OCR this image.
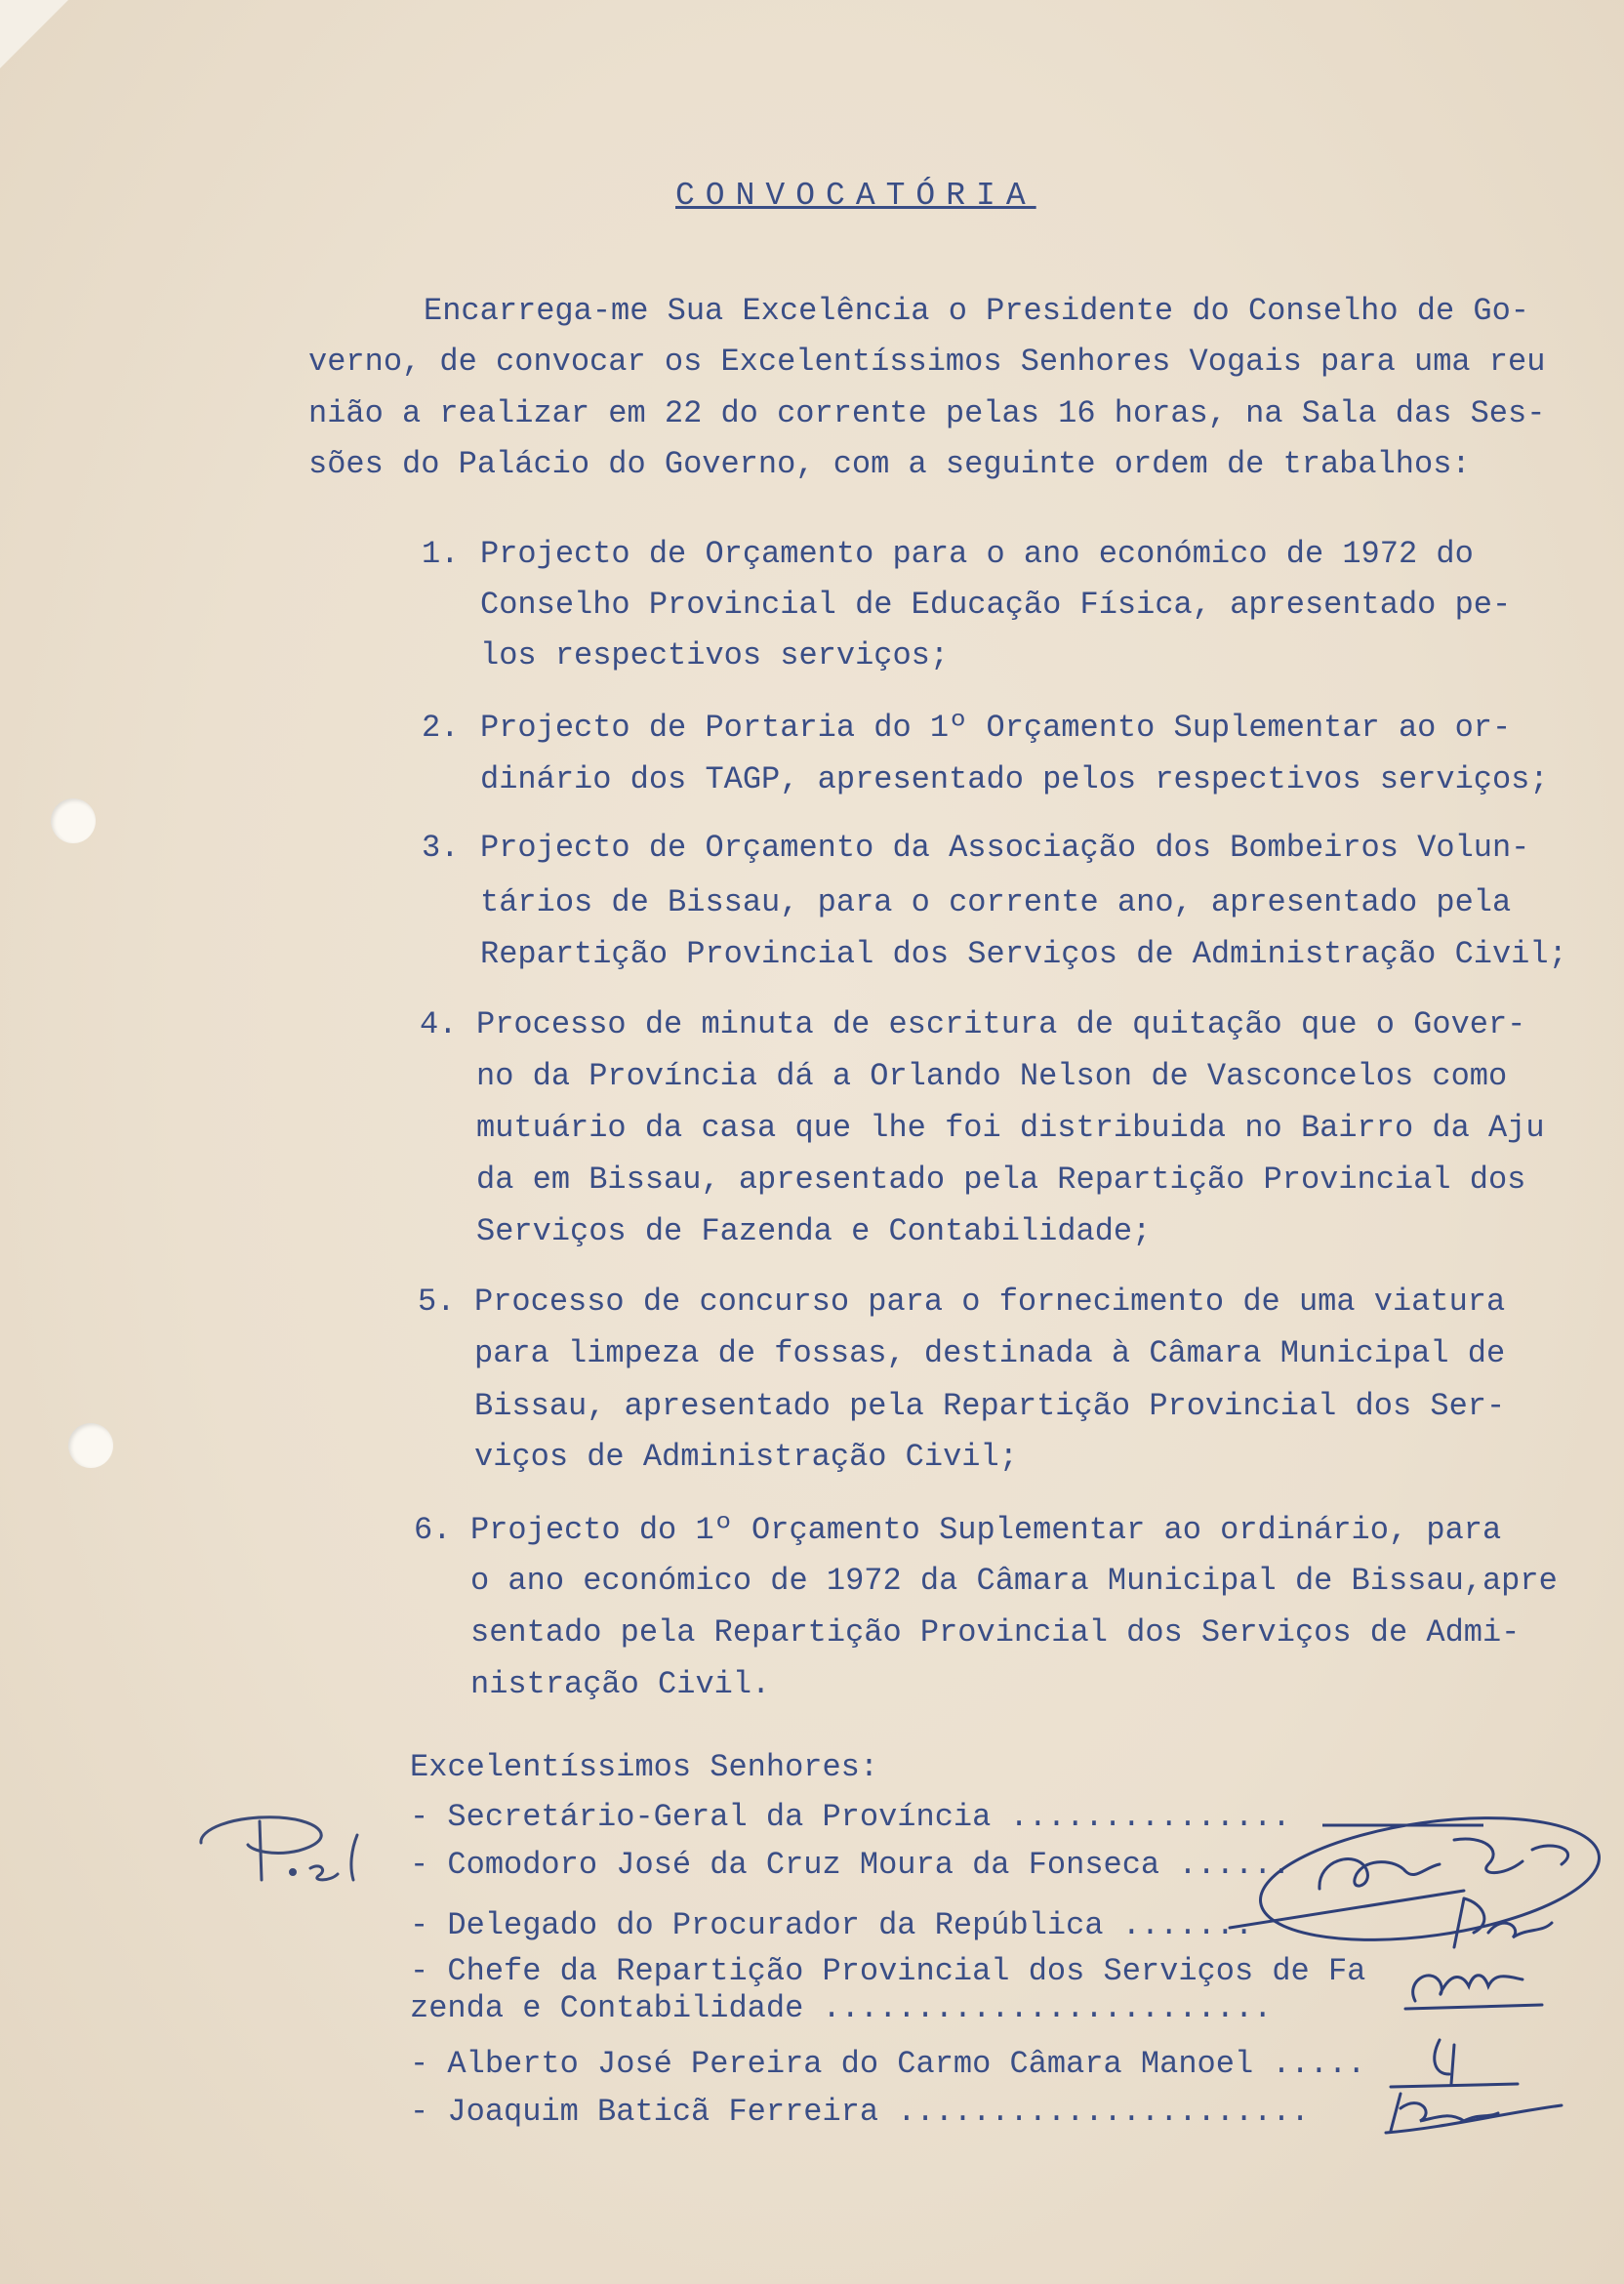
CONVOCATÓRIA
Encarrega-me Sua Excelência o Presidente do Conselho de Go-
verno, de convocar os Excelentíssimos Senhores Vogais para uma reu
nião a realizar em 22 do corrente pelas 16 horas, na Sala das Ses-
sões do Palácio do Governo, com a seguinte ordem de trabalhos:
1. Projecto de Orçamento para o ano económico de 1972 do
Conselho Provincial de Educação Física, apresentado pe-
los respectivos serviços;
2. Projecto de Portaria do 1º Orçamento Suplementar ao or-
dinário dos TAGP, apresentado pelos respectivos serviços;
3. Projecto de Orçamento da Associação dos Bombeiros Volun-
tários de Bissau, para o corrente ano, apresentado pela
Repartição Provincial dos Serviços de Administração Civil;
4. Processo de minuta de escritura de quitação que o Gover-
no da Província dá a Orlando Nelson de Vasconcelos como
mutuário da casa que lhe foi distribuida no Bairro da Aju
da em Bissau, apresentado pela Repartição Provincial dos
Serviços de Fazenda e Contabilidade;
5. Processo de concurso para o fornecimento de uma viatura
para limpeza de fossas, destinada à Câmara Municipal de
Bissau, apresentado pela Repartição Provincial dos Ser-
viços de Administração Civil;
6. Projecto do 1º Orçamento Suplementar ao ordinário, para
o ano económico de 1972 da Câmara Municipal de Bissau,apre
sentado pela Repartição Provincial dos Serviços de Admi-
nistração Civil.
Excelentíssimos Senhores:
- Secretário-Geral da Província ...............
- Comodoro José da Cruz Moura da Fonseca ......
- Delegado do Procurador da República .......
- Chefe da Repartição Provincial dos Serviços de Fa
zenda e Contabilidade ........................
- Alberto José Pereira do Carmo Câmara Manoel .....
- Joaquim Baticã Ferreira ......................
